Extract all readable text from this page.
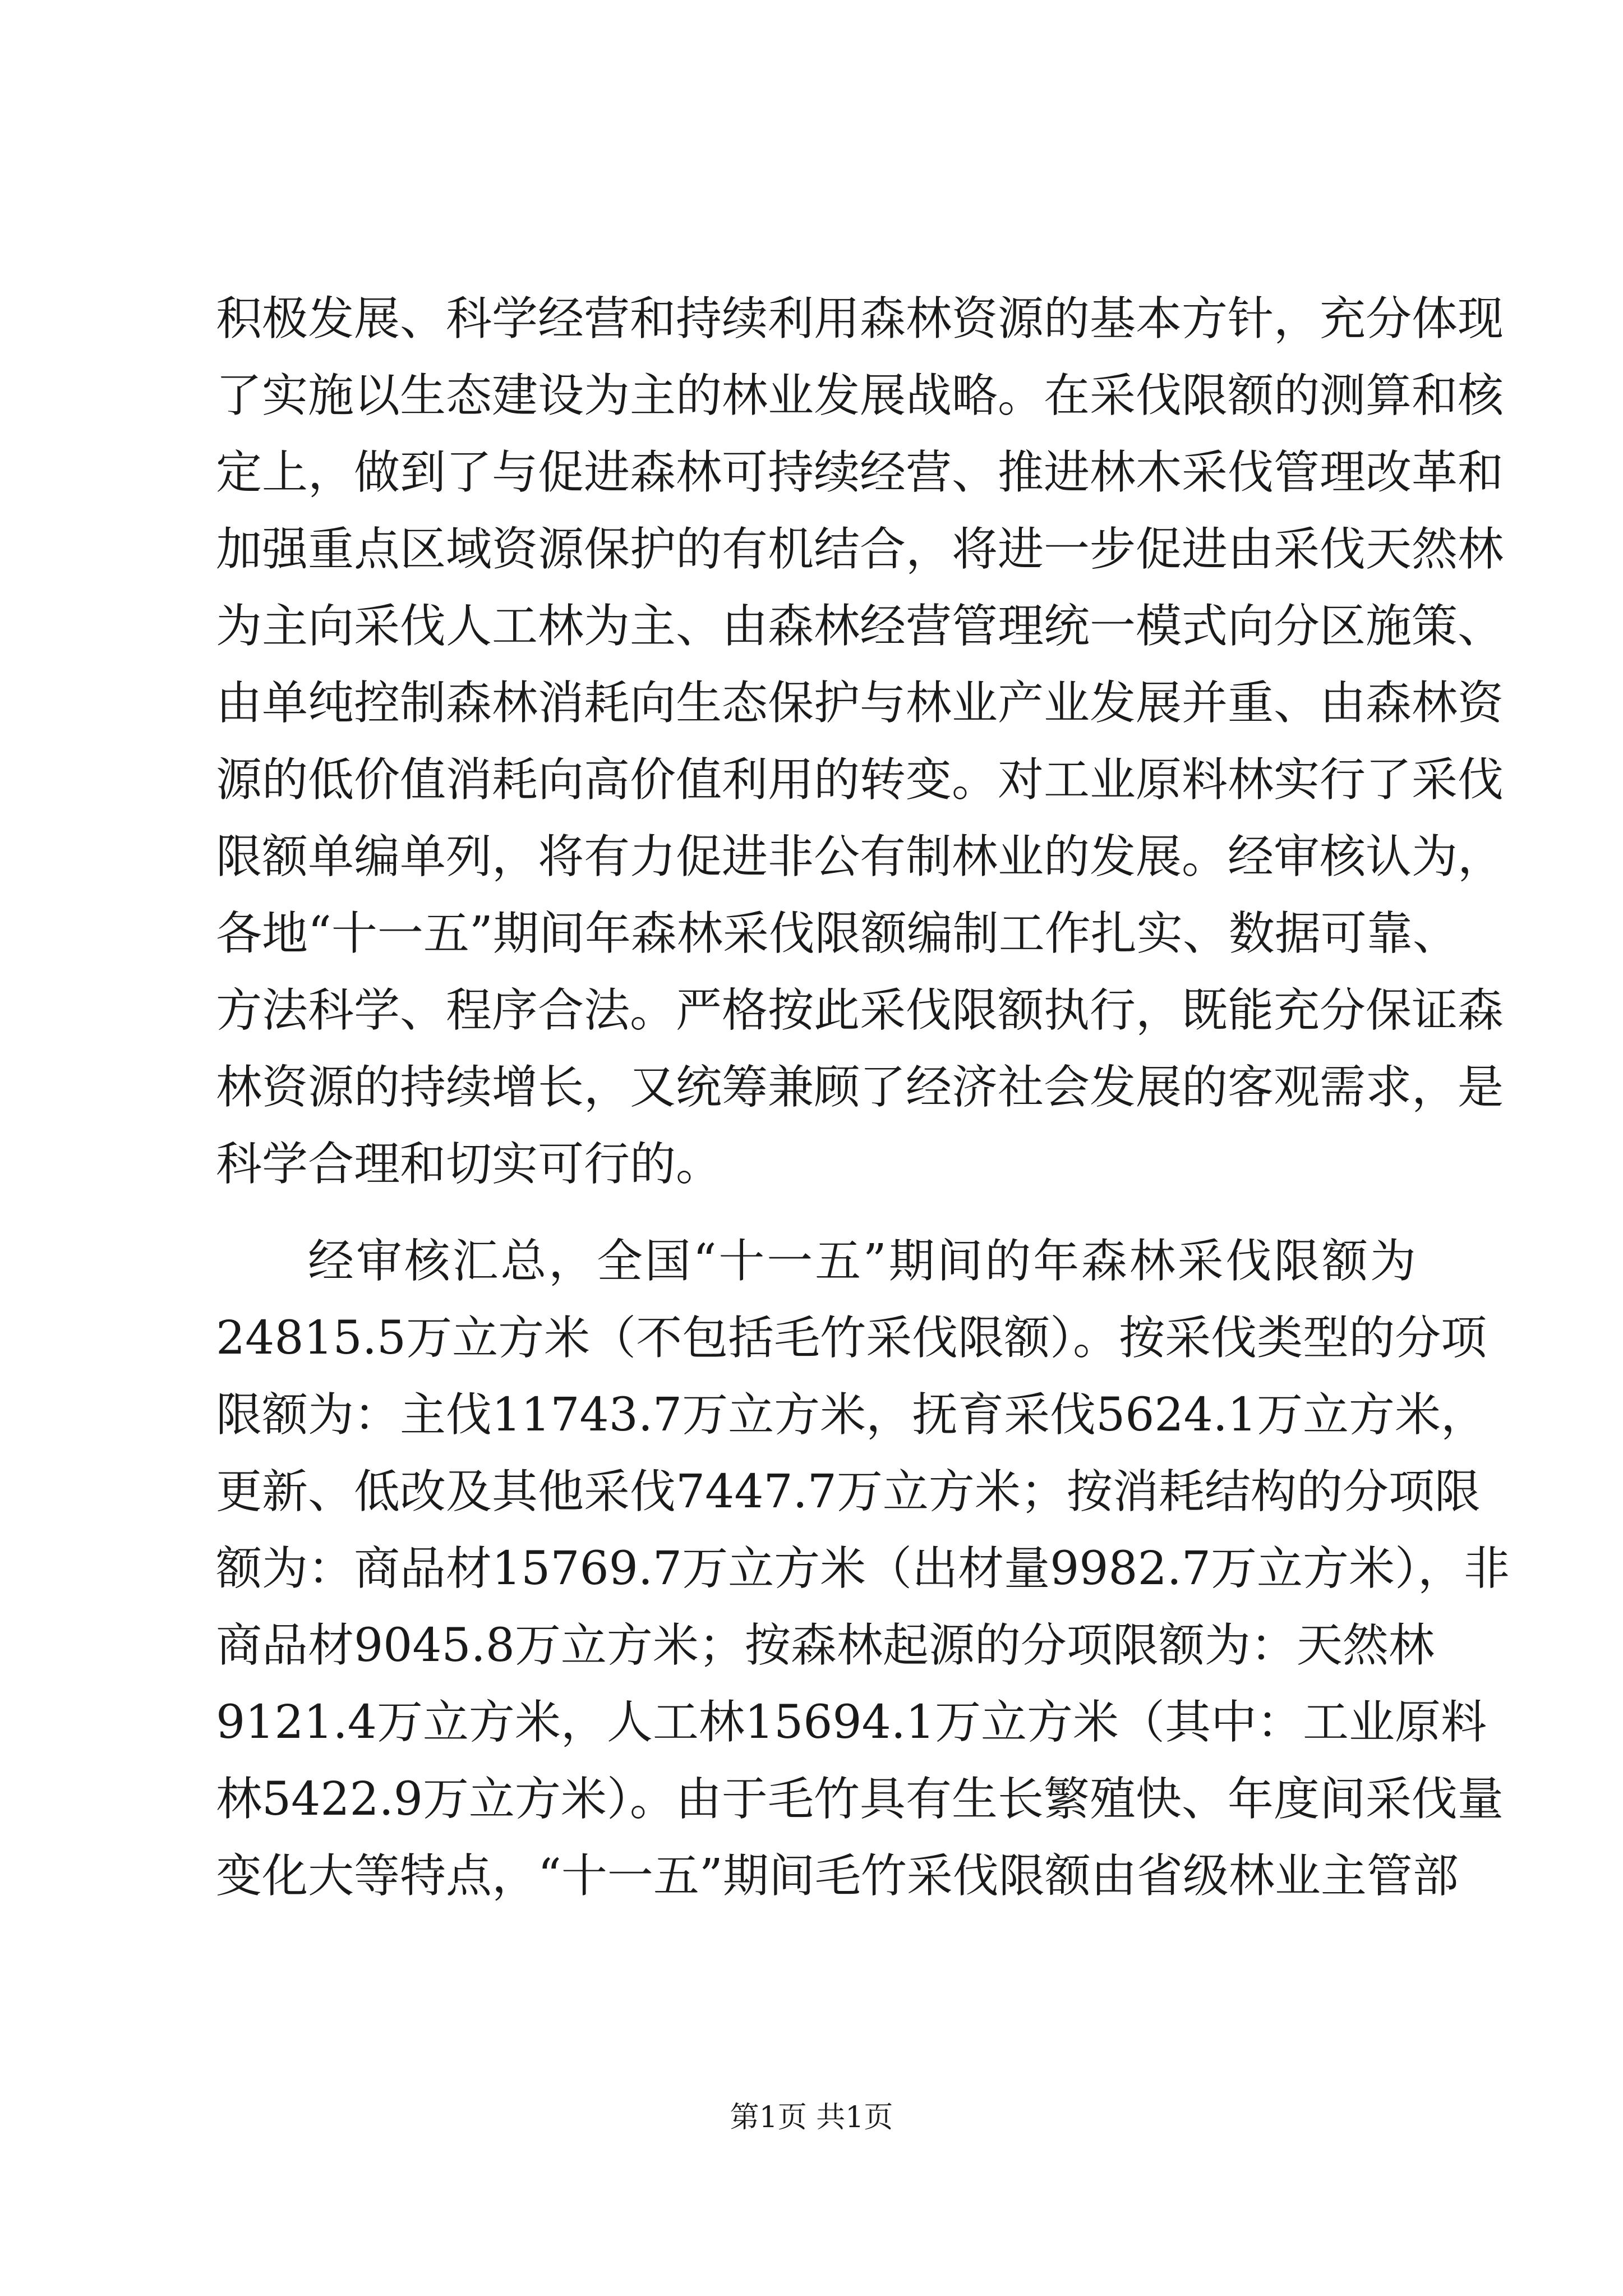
积极发展、科学经营和持续利用森林资源的基本方针，充分体现
了实施以生态建设为主的林业发展战略。在采伐限额的测算和核
定上，做到了与促进森林可持续经营、推进林木采伐管理改革和
加强重点区域资源保护的有机结合，将进一步促进由采伐天然林
为主向采伐人工林为主、由森林经营管理统一模式向分区施策、
由单纯控制森林消耗向生态保护与林业产业发展并重、由森林资
源的低价值消耗向高价值利用的转变。对工业原料林实行了采伐
限额单编单列，将有力促进非公有制林业的发展。经审核认为，
各地“十一五”期间年森林采伐限额编制工作扎实、数据可靠、
方法科学、程序合法。严格按此采伐限额执行，既能充分保证森
林资源的持续增长，又统筹兼顾了经济社会发展的客观需求，是
科学合理和切实可行的。
经审核汇总，全国“十一五”期间的年森林采伐限额为
24815.5万立方米（不包括毛竹采伐限额）。按采伐类型的分项
限额为：主伐11743.7万立方米，抚育采伐5624.1万立方米，
更新、低改及其他采伐7447.7万立方米；按消耗结构的分项限
额为：商品材15769.7万立方米（出材量9982.7万立方米），非
商品材9045.8万立方米；按森林起源的分项限额为：天然林
9121.4万立方米，人工林15694.1万立方米（其中：工业原料
林5422.9万立方米）。由于毛竹具有生长繁殖快、年度间采伐量
变化大等特点，“十一五”期间毛竹采伐限额由省级林业主管部
第1页 共1页
